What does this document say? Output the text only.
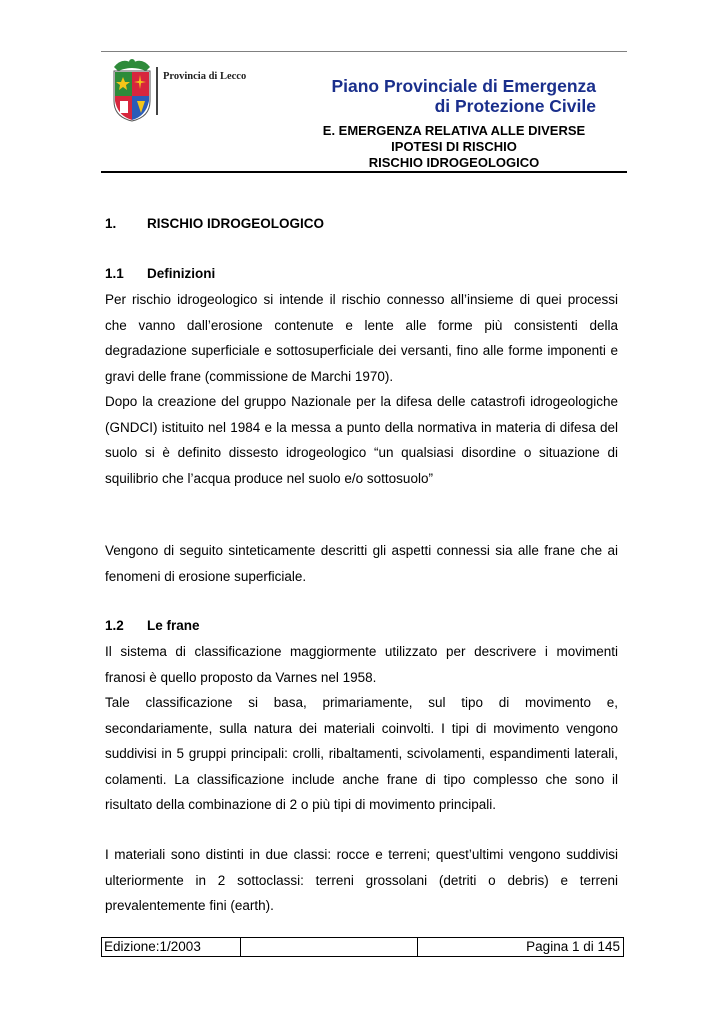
Provincia di Lecco	Piano Provinciale di Emergenza
di Protezione Civile
E. EMERGENZA RELATIVA ALLE DIVERSE
IPOTESI DI RISCHIO
RISCHIO IDROGEOLOGICO
1. RISCHIO IDROGEOLOGICO
1.1 Definizioni
Per rischio idrogeologico si intende il rischio connesso all’insieme di quei processi che vanno dall’erosione contenute e lente alle forme più consistenti della degradazione superficiale e sottosuperficiale dei versanti, fino alle forme imponenti e gravi delle frane (commissione de Marchi 1970).
Dopo la creazione del gruppo Nazionale per la difesa delle catastrofi idrogeologiche (GNDCI) istituito nel 1984 e la messa a punto della normativa in materia di difesa del suolo si è definito dissesto idrogeologico “un qualsiasi disordine o situazione di squilibrio che l’acqua produce nel suolo e/o sottosuolo”
Vengono di seguito sinteticamente descritti gli aspetti connessi sia alle frane che ai fenomeni di erosione superficiale.
1.2 Le frane
Il sistema di classificazione maggiormente utilizzato per descrivere i movimenti franosi è quello proposto da Varnes nel 1958.
Tale classificazione si basa, primariamente, sul tipo di movimento e, secondariamente, sulla natura dei materiali coinvolti. I tipi di movimento vengono suddivisi in 5 gruppi principali: crolli, ribaltamenti, scivolamenti, espandimenti laterali, colamenti. La classificazione include anche frane di tipo complesso che sono il risultato della combinazione di 2 o più tipi di movimento principali.
I materiali sono distinti in due classi: rocce e terreni; quest’ultimi vengono suddivisi ulteriormente in 2 sottoclassi: terreni grossolani (detriti o debris) e terreni prevalentemente fini (earth).
Edizione:1/2003	Pagina 1 di 145
